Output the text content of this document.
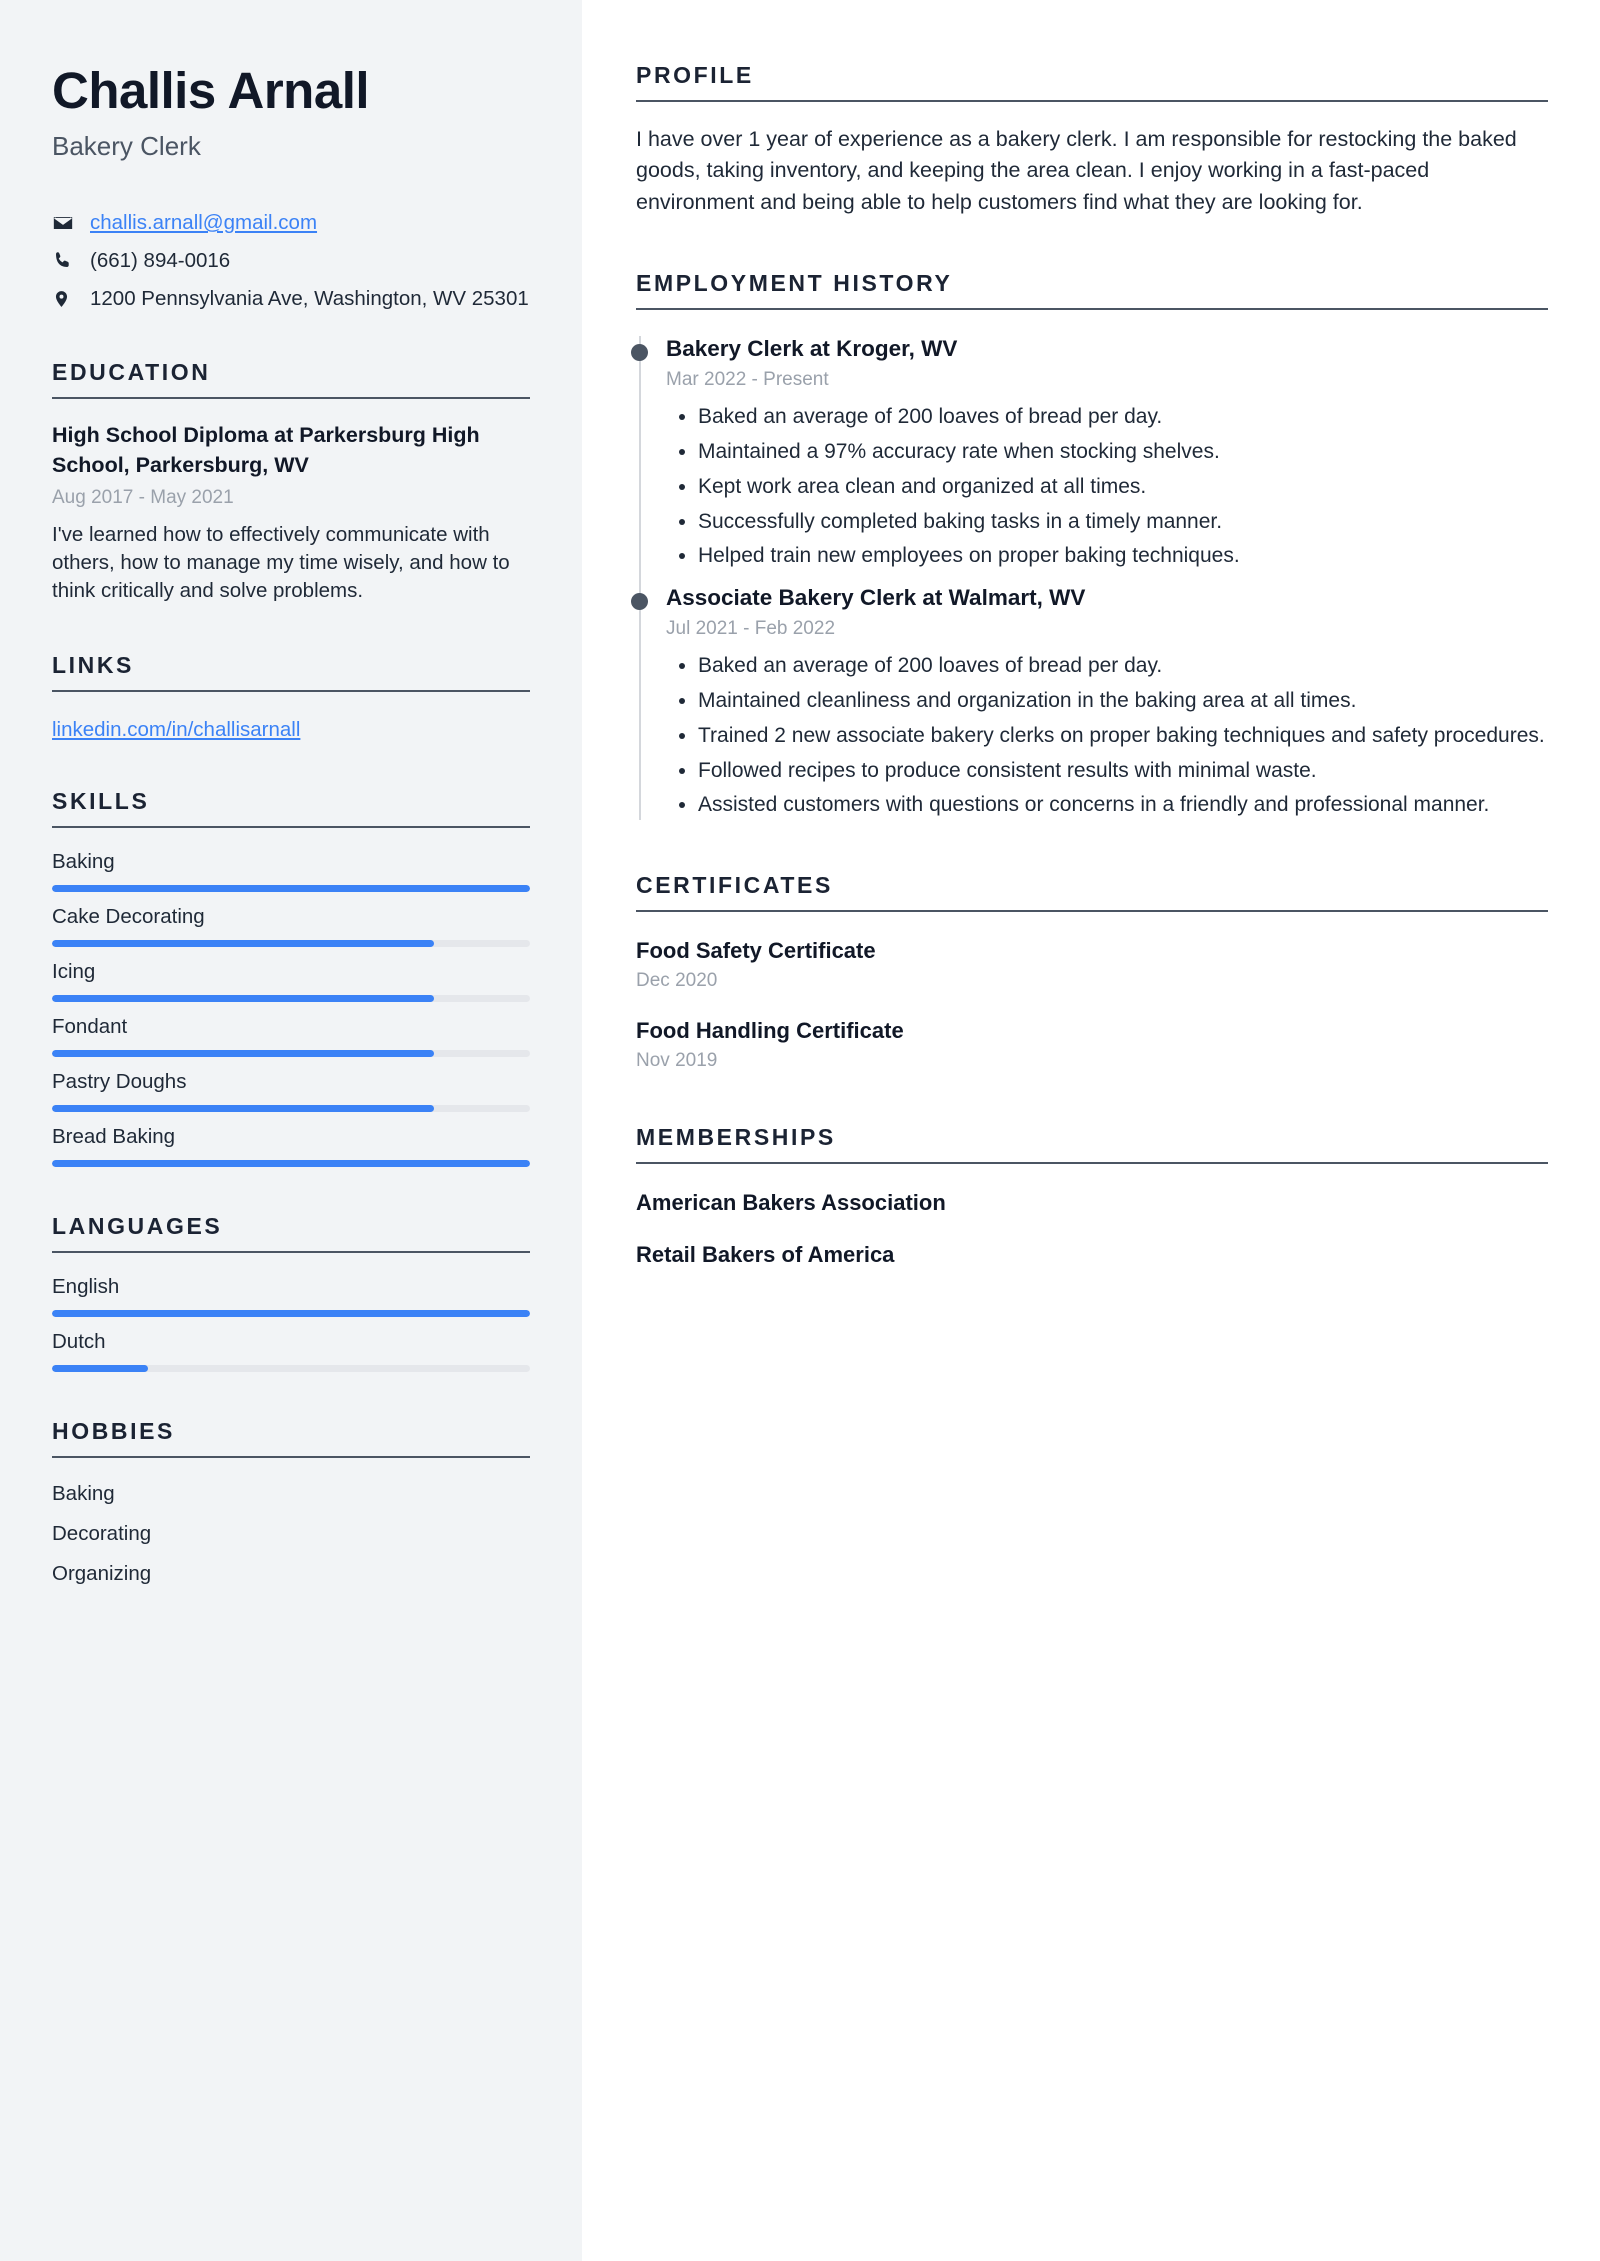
Challis Arnall
Bakery Clerk
challis.arnall@gmail.com
(661) 894-0016
1200 Pennsylvania Ave, Washington, WV 25301
EDUCATION
High School Diploma at Parkersburg High School, Parkersburg, WV
Aug 2017 - May 2021
I've learned how to effectively communicate with others, how to manage my time wisely, and how to think critically and solve problems.
LINKS
linkedin.com/in/challisarnall
SKILLS
Baking
Cake Decorating
Icing
Fondant
Pastry Doughs
Bread Baking
LANGUAGES
English
Dutch
HOBBIES
Baking
Decorating
Organizing
PROFILE

I have over 1 year of experience as a bakery clerk. I am responsible for restocking the baked goods, taking inventory, and keeping the area clean. I enjoy working in a fast-paced environment and being able to help customers find what they are looking for.

EMPLOYMENT HISTORY
Bakery Clerk at Kroger, WV
Mar 2022 - Present
• Baked an average of 200 loaves of bread per day.
• Maintained a 97% accuracy rate when stocking shelves.
• Kept work area clean and organized at all times.
• Successfully completed baking tasks in a timely manner.
• Helped train new employees on proper baking techniques.
Associate Bakery Clerk at Walmart, WV
Jul 2021 - Feb 2022
• Baked an average of 200 loaves of bread per day.
• Maintained cleanliness and organization in the baking area at all times.
• Trained 2 new associate bakery clerks on proper baking techniques and safety procedures.
• Followed recipes to produce consistent results with minimal waste.
• Assisted customers with questions or concerns in a friendly and professional manner.
CERTIFICATES
Food Safety Certificate
Dec 2020
Food Handling Certificate
Nov 2019
MEMBERSHIPS
American Bakers Association
Retail Bakers of America
